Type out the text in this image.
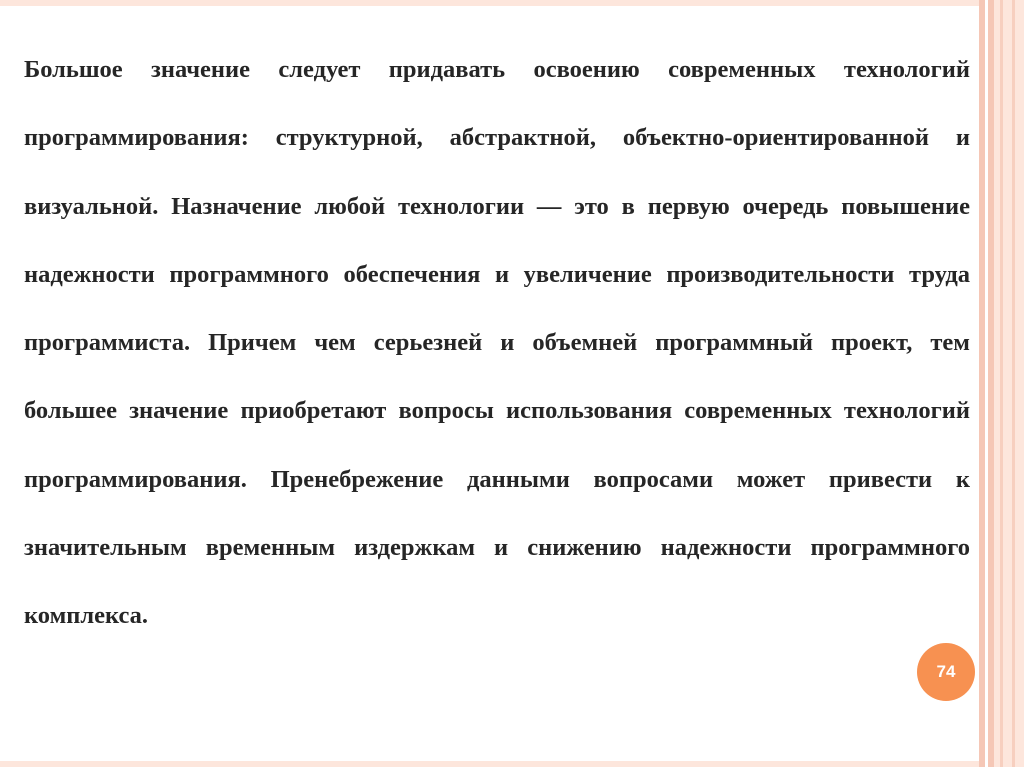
Большое значение следует придавать освоению современных технологий программирования: структурной, абстрактной, объектно-ориентированной и визуальной. Назначение любой технологии — это в первую очередь повышение надежности программного обеспечения и увеличение производительности труда программиста. Причем чем серьезней и объемней программный проект, тем большее значение приобретают вопросы использования современных технологий программирования. Пренебрежение данными вопросами может привести к значительным временным издержкам и снижению надежности программного комплекса.

74
